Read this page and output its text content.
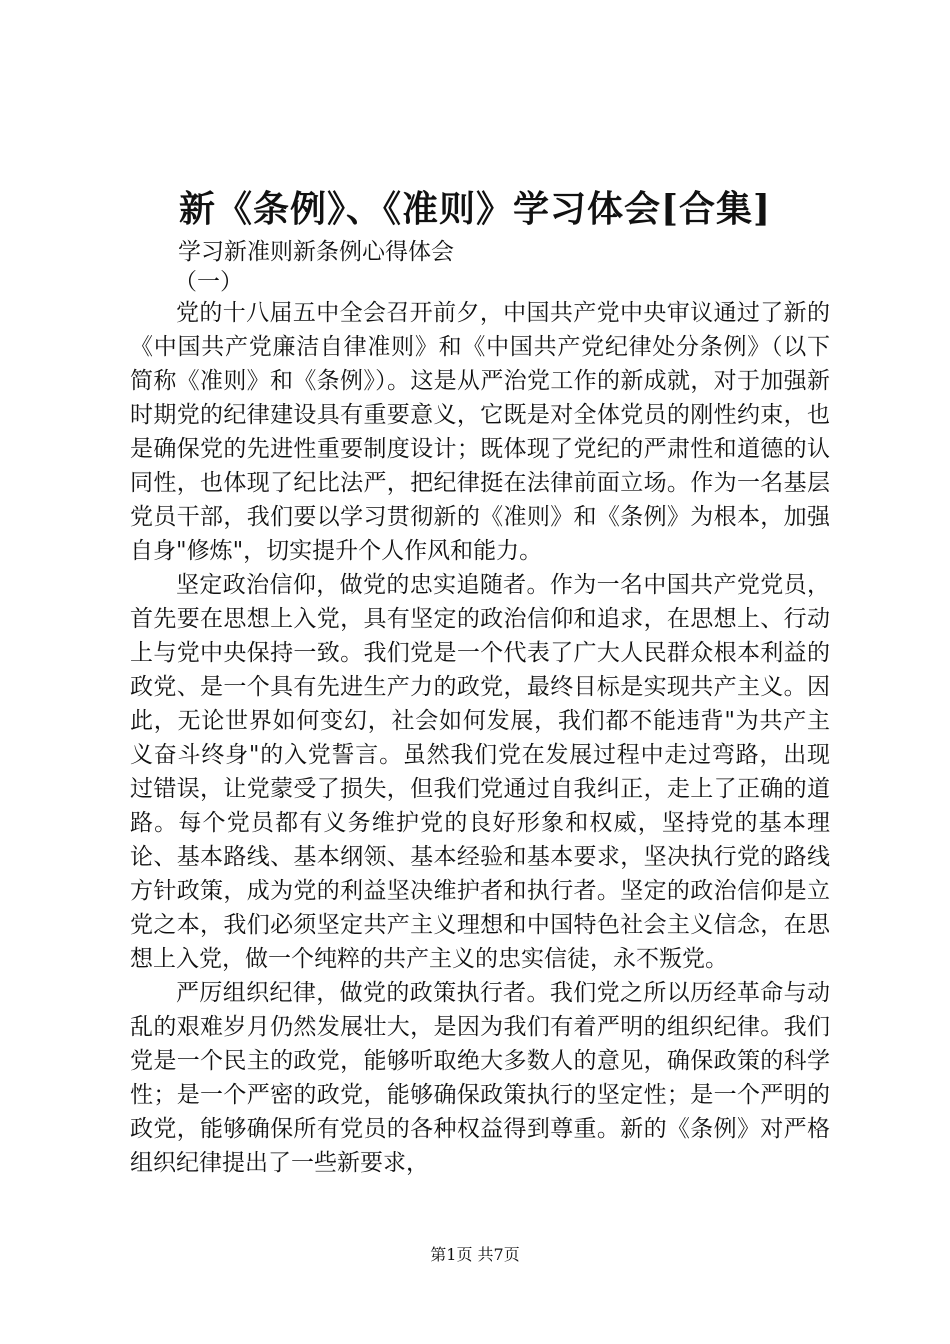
新《条例》、《准则》学习体会[合集]

学习新准则新条例心得体会

（一）

党的十八届五中全会召开前夕，中国共产党中央审议通过了新的《中国共产党廉洁自律准则》和《中国共产党纪律处分条例》（以下简称《准则》和《条例》）。这是从严治党工作的新成就，对于加强新时期党的纪律建设具有重要意义，它既是对全体党员的刚性约束，也是确保党的先进性重要制度设计；既体现了党纪的严肃性和道德的认同性，也体现了纪比法严，把纪律挺在法律前面立场。作为一名基层党员干部，我们要以学习贯彻新的《准则》和《条例》为根本，加强自身"修炼"，切实提升个人作风和能力。

坚定政治信仰，做党的忠实追随者。作为一名中国共产党党员，首先要在思想上入党，具有坚定的政治信仰和追求，在思想上、行动上与党中央保持一致。我们党是一个代表了广大人民群众根本利益的政党、是一个具有先进生产力的政党，最终目标是实现共产主义。因此，无论世界如何变幻，社会如何发展，我们都不能违背"为共产主义奋斗终身"的入党誓言。虽然我们党在发展过程中走过弯路，出现过错误，让党蒙受了损失，但我们党通过自我纠正，走上了正确的道路。每个党员都有义务维护党的良好形象和权威，坚持党的基本理论、基本路线、基本纲领、基本经验和基本要求，坚决执行党的路线方针政策，成为党的利益坚决维护者和执行者。坚定的政治信仰是立党之本，我们必须坚定共产主义理想和中国特色社会主义信念，在思想上入党，做一个纯粹的共产主义的忠实信徒，永不叛党。

严厉组织纪律，做党的政策执行者。我们党之所以历经革命与动乱的艰难岁月仍然发展壮大，是因为我们有着严明的组织纪律。我们党是一个民主的政党，能够听取绝大多数人的意见，确保政策的科学性；是一个严密的政党，能够确保政策执行的坚定性；是一个严明的政党，能够确保所有党员的各种权益得到尊重。新的《条例》对严格组织纪律提出了一些新要求，

第1页 共7页
